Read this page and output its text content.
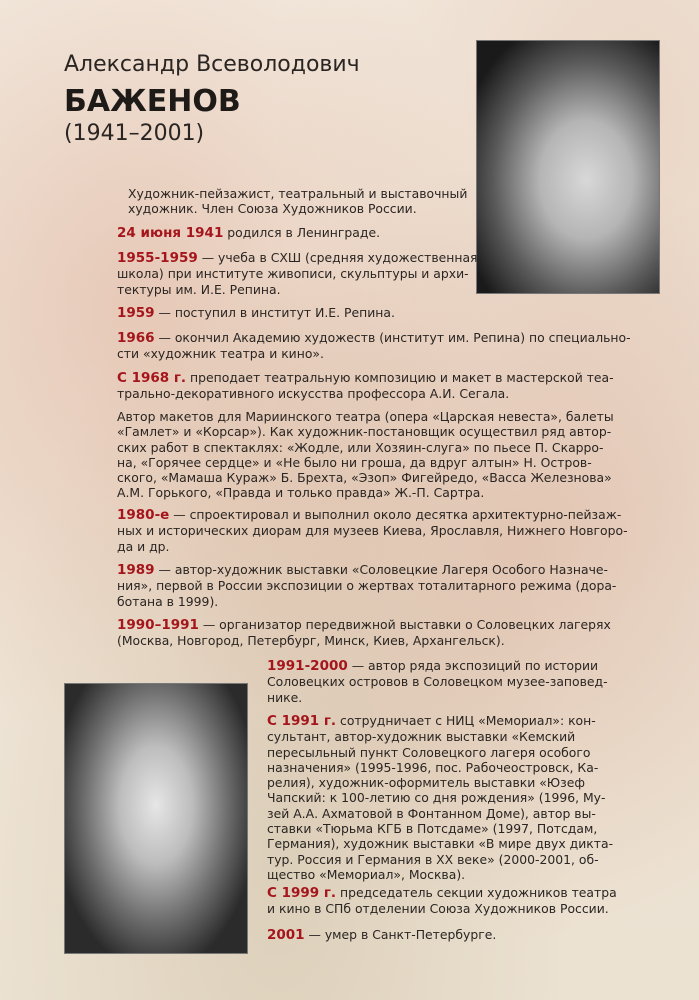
Александр Всеволодович
БАЖЕНОВ
(1941–2001)

Художник-пейзажист, театральный и выставочный
художник. Член Союза Художников России.

24 июня 1941 родился в Ленинграде.

1955-1959 — учеба в СХШ (средняя художественная
школа) при институте живописи, скульптуры и архи-
тектуры им. И.Е. Репина.

1959 — поступил в институт И.Е. Репина.

1966 — окончил Академию художеств (институт им. Репина) по специально-
сти «художник театра и кино».

С 1968 г. преподает театральную композицию и макет в мастерской теа-
трально-декоративного искусства профессора А.И. Сегала.

Автор макетов для Мариинского театра (опера «Царская невеста», балеты
«Гамлет» и «Корсар»). Как художник-постановщик осуществил ряд автор-
ских работ в спектаклях: «Жодле, или Хозяин-слуга» по пьесе П. Скарро-
на, «Горячее сердце» и «Не было ни гроша, да вдруг алтын» Н. Остров-
ского, «Мамаша Кураж» Б. Брехта, «Эзоп» Фигейредо, «Васса Железнова»
А.М. Горького, «Правда и только правда» Ж.-П. Сартра.

1980-е — спроектировал и выполнил около десятка архитектурно-пейзаж-
ных и исторических диорам для музеев Киева, Ярославля, Нижнего Новгоро-
да и др.

1989 — автор-художник выставки «Соловецкие Лагеря Особого Назначе-
ния», первой в России экспозиции о жертвах тоталитарного режима (дора-
ботана в 1999).

1990–1991 — организатор передвижной выставки о Соловецких лагерях
(Москва, Новгород, Петербург, Минск, Киев, Архангельск).

1991-2000 — автор ряда экспозиций по истории
Соловецких островов в Соловецком музее-заповед-
нике.

С 1991 г. сотрудничает с НИЦ «Мемориал»: кон-
сультант, автор-художник выставки «Кемский
пересыльный пункт Соловецкого лагеря особого
назначения» (1995-1996, пос. Рабочеостровск, Ка-
релия), художник-оформитель выставки «Юзеф
Чапский: к 100-летию со дня рождения» (1996, Му-
зей А.А. Ахматовой в Фонтанном Доме), автор вы-
ставки «Тюрьма КГБ в Потсдаме» (1997, Потсдам,
Германия), художник выставки «В мире двух дикта-
тур. Россия и Германия в XX веке» (2000-2001, об-
щество «Мемориал», Москва).

С 1999 г. председатель секции художников театра
и кино в СПб отделении Союза Художников России.

2001 — умер в Санкт-Петербурге.
